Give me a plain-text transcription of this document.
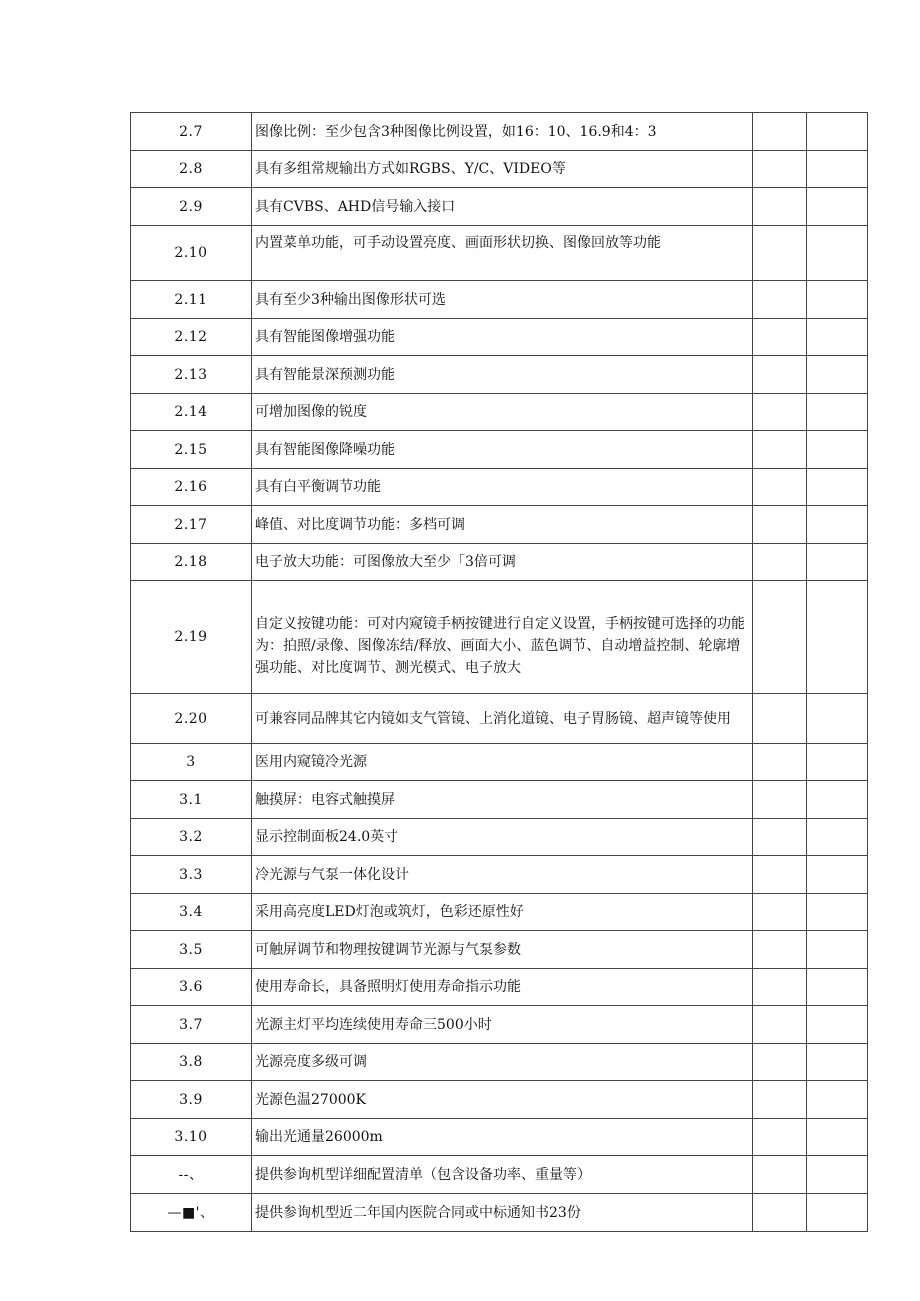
2.7	图像比例：至少包含3种图像比例设置，如16：10、16.9和4：3		
2.8	具有多组常规输出方式如RGBS、Y/C、VIDEO等		
2.9	具有CVBS、AHD信号输入接口		
2.10	内置菜单功能，可手动设置亮度、画面形状切换、图像回放等功能		
2.11	具有至少3种输出图像形状可选		
2.12	具有智能图像增强功能		
2.13	具有智能景深预测功能		
2.14	可增加图像的锐度		
2.15	具有智能图像降噪功能		
2.16	具有白平衡调节功能		
2.17	峰值、对比度调节功能：多档可调		
2.18	电子放大功能：可图像放大至少「3倍可调		
2.19	自定义按键功能：可对内窥镜手柄按键进行自定义设置，手柄按键可选择的功能为：拍照/录像、图像冻结/释放、画面大小、蓝色调节、自动增益控制、轮廓增强功能、对比度调节、测光模式、电子放大		
2.20	可兼容同品牌其它内镜如支气管镜、上消化道镜、电子胃肠镜、超声镜等使用		
3	医用内窥镜冷光源		
3.1	触摸屏：电容式触摸屏		
3.2	显示控制面板24.0英寸		
3.3	冷光源与气泵一体化设计		
3.4	采用高亮度LED灯泡或筑灯，色彩还原性好		
3.5	可触屏调节和物理按键调节光源与气泵参数		
3.6	使用寿命长，具备照明灯使用寿命指示功能		
3.7	光源主灯平均连续使用寿命三500小时		
3.8	光源亮度多级可调		
3.9	光源色温27000K		
3.10	输出光通量26000m		
--、	提供参询机型详细配置清单（包含设备功率、重量等）		
—■'、	提供参询机型近二年国内医院合同或中标通知书23份		
